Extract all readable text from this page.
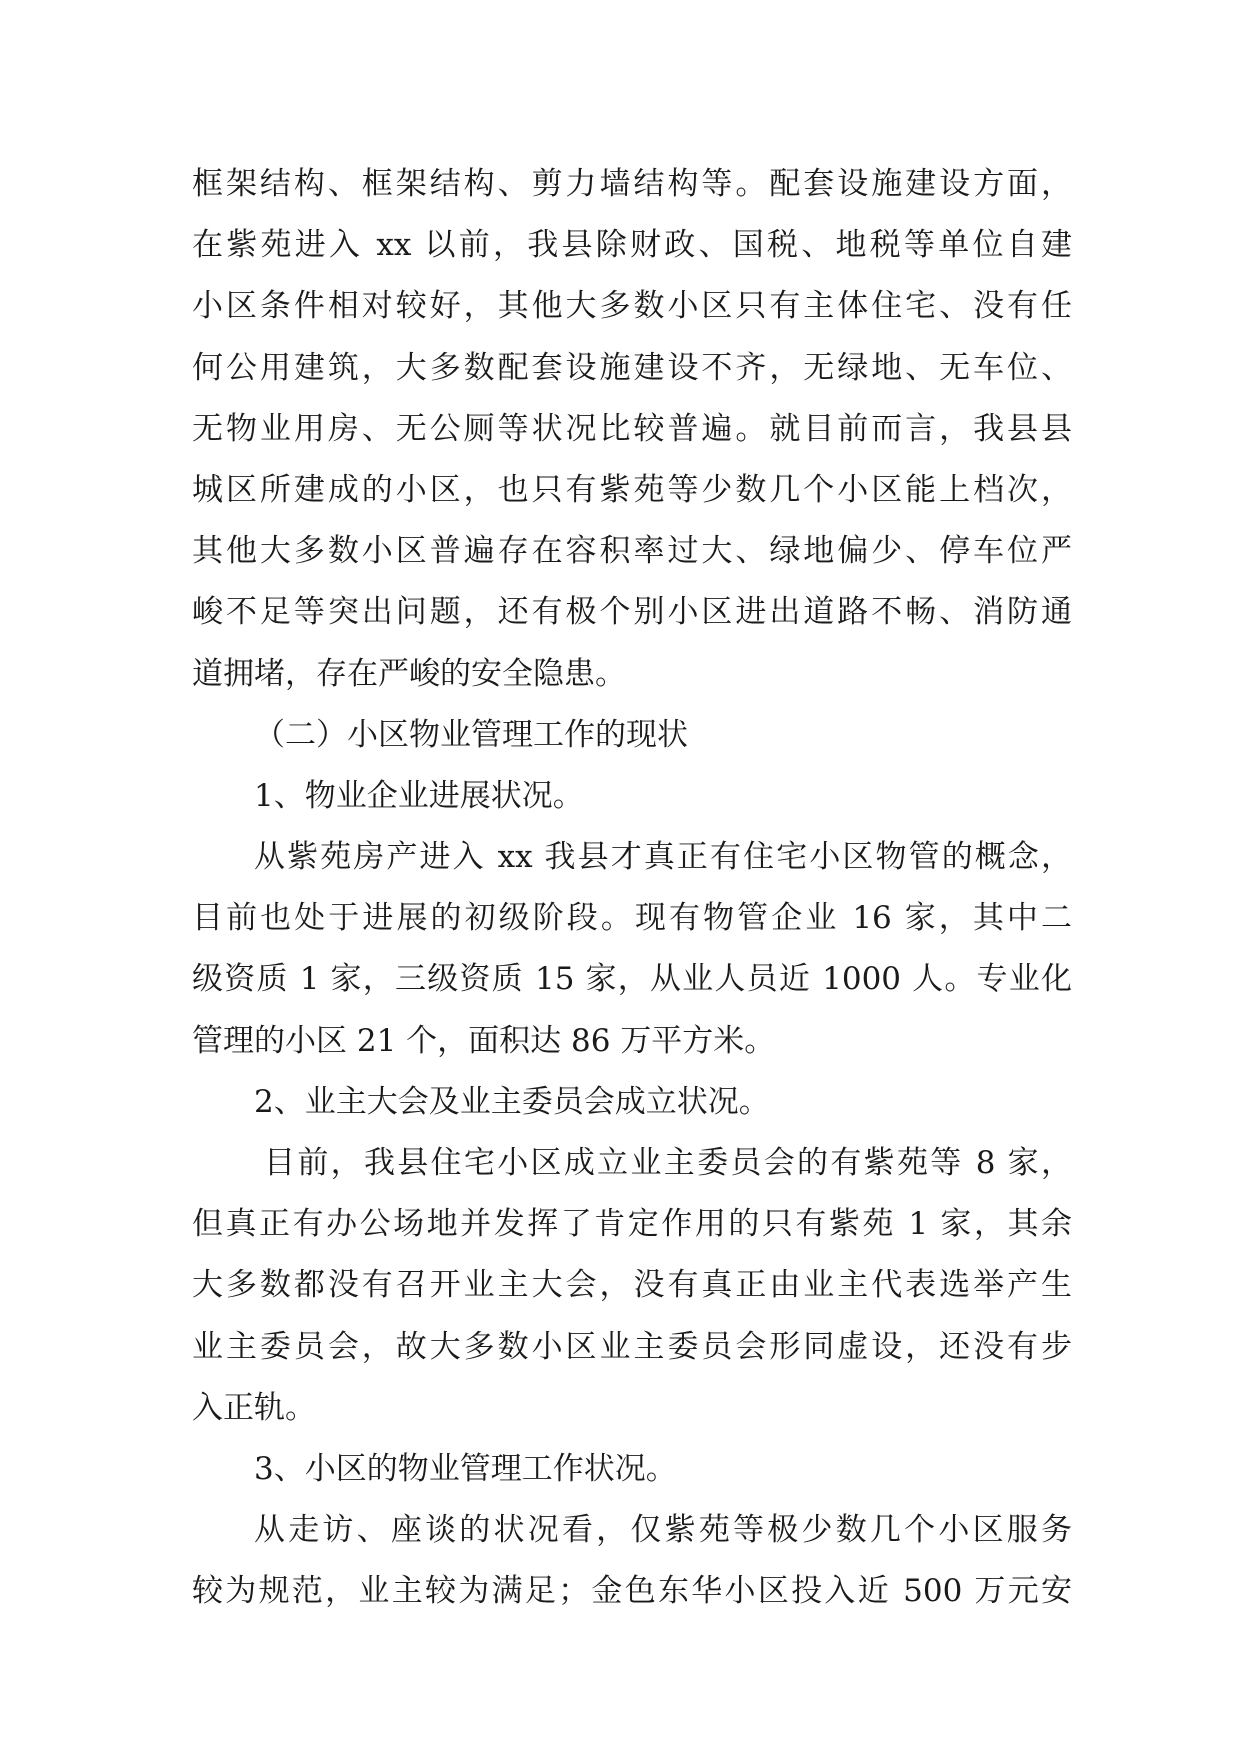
框架结构、框架结构、剪力墙结构等。配套设施建设方面，
在紫苑进入 xx 以前，我县除财政、国税、地税等单位自建
小区条件相对较好，其他大多数小区只有主体住宅、没有任
何公用建筑，大多数配套设施建设不齐，无绿地、无车位、
无物业用房、无公厕等状况比较普遍。就目前而言，我县县
城区所建成的小区，也只有紫苑等少数几个小区能上档次，
其他大多数小区普遍存在容积率过大、绿地偏少、停车位严
峻不足等突出问题，还有极个别小区进出道路不畅、消防通
道拥堵，存在严峻的安全隐患。
（二）小区物业管理工作的现状
1、物业企业进展状况。
从紫苑房产进入 xx 我县才真正有住宅小区物管的概念，
目前也处于进展的初级阶段。现有物管企业 16 家，其中二
级资质 1 家，三级资质 15 家，从业人员近 1000 人。专业化
管理的小区 21 个，面积达 86 万平方米。
2、业主大会及业主委员会成立状况。
目前，我县住宅小区成立业主委员会的有紫苑等 8 家，
但真正有办公场地并发挥了肯定作用的只有紫苑 1 家，其余
大多数都没有召开业主大会，没有真正由业主代表选举产生
业主委员会，故大多数小区业主委员会形同虚设，还没有步
入正轨。
3、小区的物业管理工作状况。
从走访、座谈的状况看，仅紫苑等极少数几个小区服务
较为规范，业主较为满足；金色东华小区投入近 500 万元安
